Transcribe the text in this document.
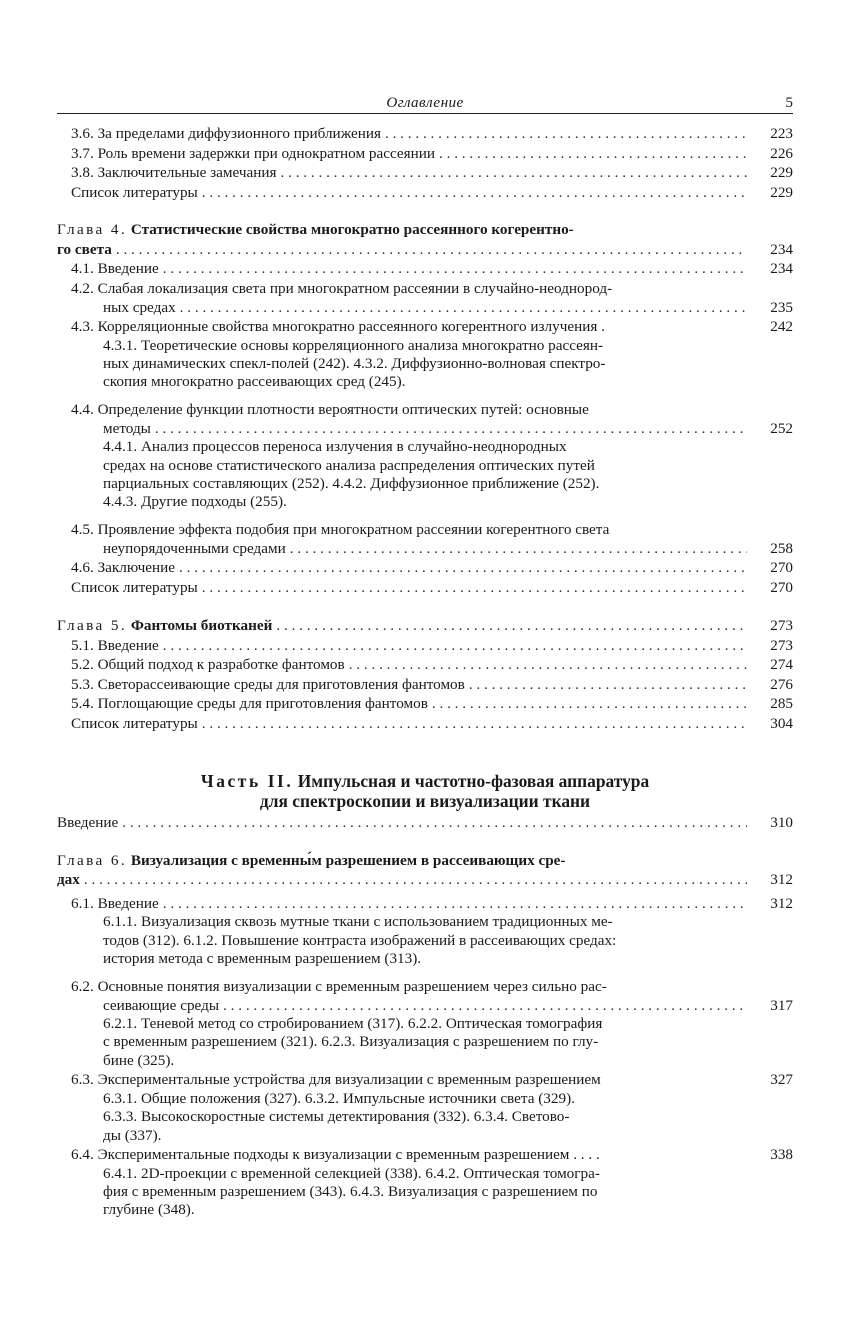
Оглавление	5
3.6. За пределами диффузионного приближения . . .	223
3.7. Роль времени задержки при однократном рассеянии . . .	226
3.8. Заключительные замечания . . .	229
Список литературы . . .	229
Глава 4. Статистические свойства многократно рассеянного когерентно-
го света . . .	234
4.1. Введение . . .	234
4.2. Слабая локализация света при многократном рассеянии в случайно-неоднород-
ных средах . . .	235
4.3. Корреляционные свойства многократно рассеянного когерентного излучения .	242
4.3.1. Теоретические основы корреляционного анализа многократно рассеян-
ных динамических спекл-полей (242). 4.3.2. Диффузионно-волновая спектро-
скопия многократно рассеивающих сред (245).
4.4. Определение функции плотности вероятности оптических путей: основные
методы . . .	252
4.4.1. Анализ процессов переноса излучения в случайно-неоднородных
средах на основе статистического анализа распределения оптических путей
парциальных составляющих (252). 4.4.2. Диффузионное приближение (252).
4.4.3. Другие подходы (255).
4.5. Проявление эффекта подобия при многократном рассеянии когерентного света
неупорядоченными средами . . .	258
4.6. Заключение . . .	270
Список литературы . . .	270
Глава 5. Фантомы биотканей . . .	273
5.1. Введение . . .	273
5.2. Общий подход к разработке фантомов . . .	274
5.3. Светорассеивающие среды для приготовления фантомов . . .	276
5.4. Поглощающие среды для приготовления фантомов . . .	285
Список литературы . . .	304
Часть II. Импульсная и частотно-фазовая аппаратура
для спектроскопии и визуализации ткани
Введение . . .	310
Глава 6. Визуализация с временны́м разрешением в рассеивающих сре-
дах . . .	312
6.1. Введение . . .	312
6.1.1. Визуализация сквозь мутные ткани с использованием традиционных ме-
тодов (312). 6.1.2. Повышение контраста изображений в рассеивающих средах:
история метода с временным разрешением (313).
6.2. Основные понятия визуализации с временным разрешением через сильно рас-
сеивающие среды . . .	317
6.2.1. Теневой метод со стробированием (317). 6.2.2. Оптическая томография
с временным разрешением (321). 6.2.3. Визуализация с разрешением по глу-
бине (325).
6.3. Экспериментальные устройства для визуализации с временным разрешением	327
6.3.1. Общие положения (327). 6.3.2. Импульсные источники света (329).
6.3.3. Высокоскоростные системы детектирования (332). 6.3.4. Светово-
ды (337).
6.4. Экспериментальные подходы к визуализации с временным разрешением . . . .	338
6.4.1. 2D-проекции с временной селекцией (338). 6.4.2. Оптическая томогра-
фия с временным разрешением (343). 6.4.3. Визуализация с разрешением по
глубине (348).
